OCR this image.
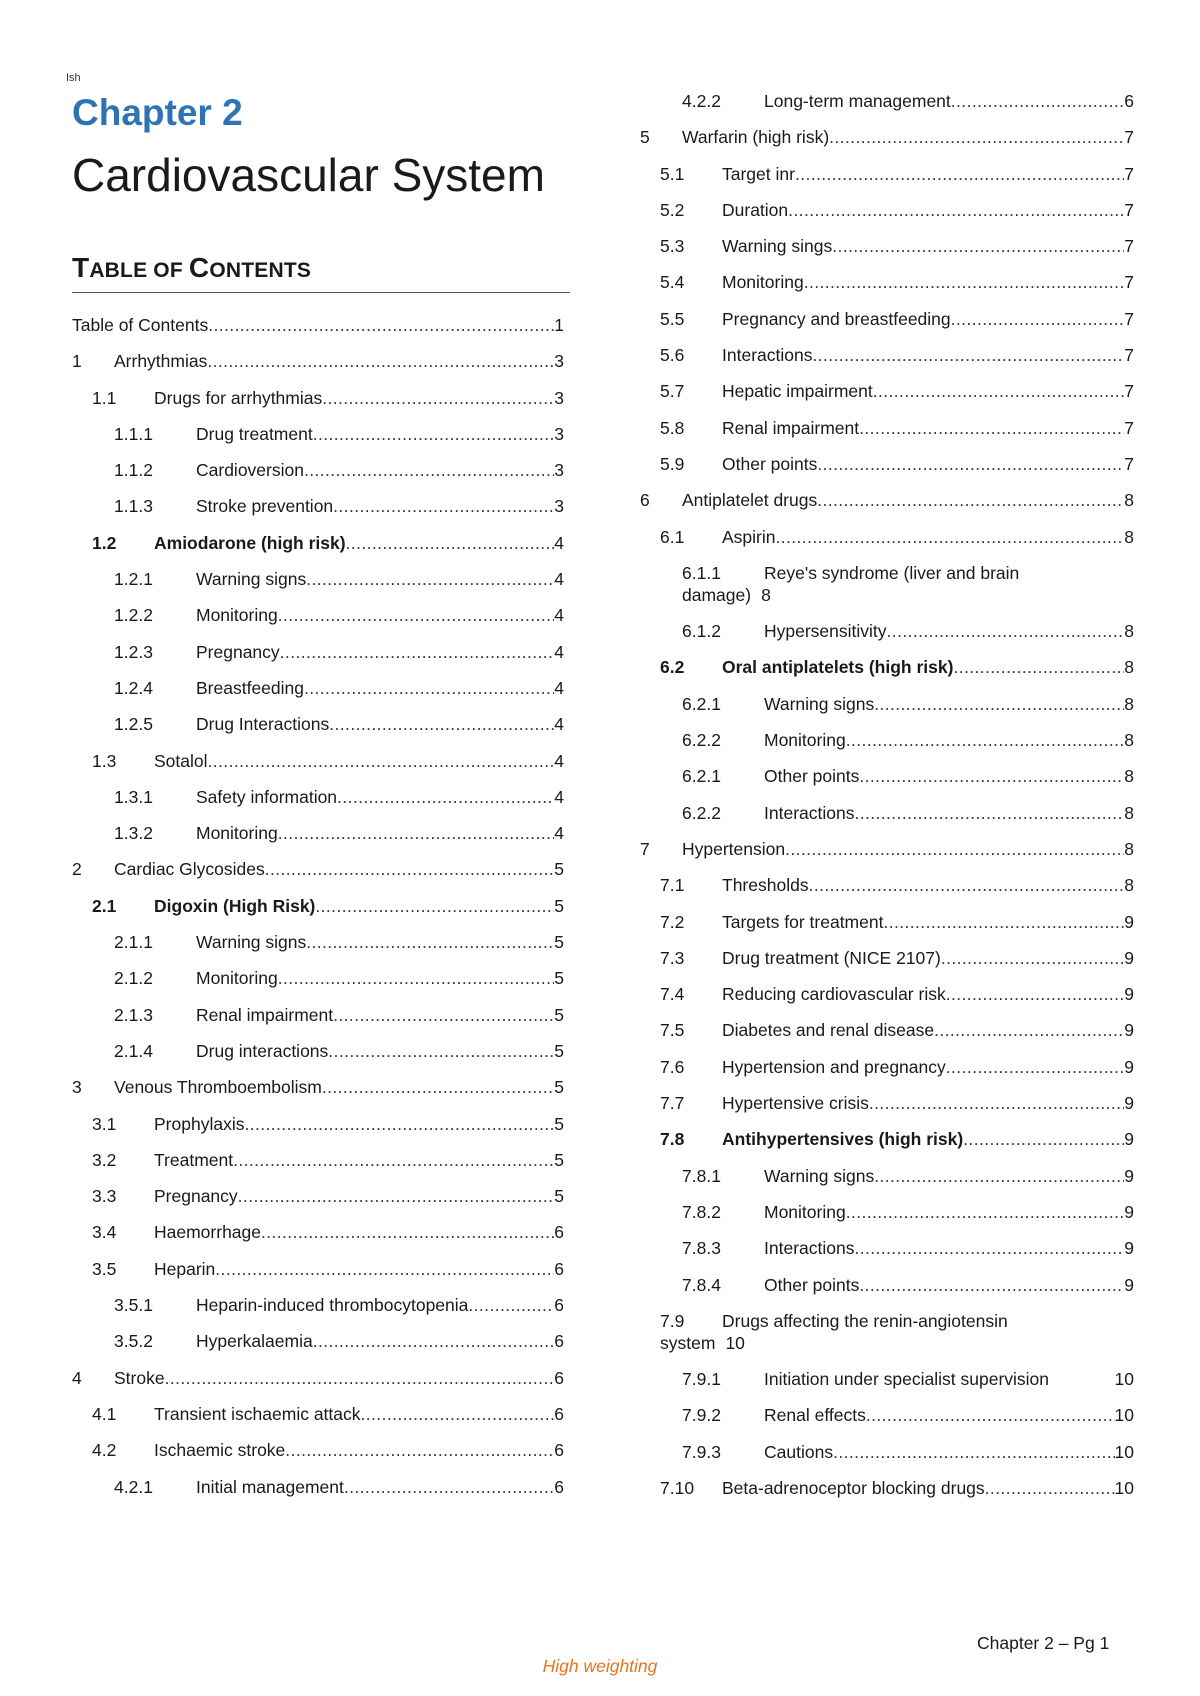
Ish
Chapter 2
Cardiovascular System
TABLE OF CONTENTS
Table of Contents .....	1
1	Arrhythmias .....	3
1.1	Drugs for arrhythmias .....	3
1.1.1	Drug treatment .....	3
1.1.2	Cardioversion .....	3
1.1.3	Stroke prevention .....	3
1.2	Amiodarone (high risk) .....	4
1.2.1	Warning signs .....	4
1.2.2	Monitoring .....	4
1.2.3	Pregnancy .....	4
1.2.4	Breastfeeding .....	4
1.2.5	Drug Interactions .....	4
1.3	Sotalol .....	4
1.3.1	Safety information .....	4
1.3.2	Monitoring .....	4
2	Cardiac Glycosides .....	5
2.1	Digoxin (High Risk) .....	5
2.1.1	Warning signs .....	5
2.1.2	Monitoring .....	5
2.1.3	Renal impairment .....	5
2.1.4	Drug interactions .....	5
3	Venous Thromboembolism .....	5
3.1	Prophylaxis .....	5
3.2	Treatment .....	5
3.3	Pregnancy .....	5
3.4	Haemorrhage .....	6
3.5	Heparin .....	6
3.5.1	Heparin-induced thrombocytopenia .....	6
3.5.2	Hyperkalaemia .....	6
4	Stroke .....	6
4.1	Transient ischaemic attack .....	6
4.2	Ischaemic stroke .....	6
4.2.1	Initial management .....	6
4.2.2	Long-term management .....	6
5	Warfarin (high risk) .....	7
5.1	Target inr .....	7
5.2	Duration .....	7
5.3	Warning sings .....	7
5.4	Monitoring .....	7
5.5	Pregnancy and breastfeeding .....	7
5.6	Interactions .....	7
5.7	Hepatic impairment .....	7
5.8	Renal impairment .....	7
5.9	Other points .....	7
6	Antiplatelet drugs .....	8
6.1	Aspirin .....	8
6.1.1	Reye's syndrome (liver and brain
damage) 8
6.1.2	Hypersensitivity .....	8
6.2	Oral antiplatelets (high risk) .....	8
6.2.1	Warning signs .....	8
6.2.2	Monitoring .....	8
6.2.1	Other points .....	8
6.2.2	Interactions .....	8
7	Hypertension .....	8
7.1	Thresholds .....	8
7.2	Targets for treatment .....	9
7.3	Drug treatment (NICE 2107) .....	9
7.4	Reducing cardiovascular risk .....	9
7.5	Diabetes and renal disease .....	9
7.6	Hypertension and pregnancy .....	9
7.7	Hypertensive crisis .....	9
7.8	Antihypertensives (high risk) .....	9
7.8.1	Warning signs .....	9
7.8.2	Monitoring .....	9
7.8.3	Interactions .....	9
7.8.4	Other points .....	9
7.9	Drugs affecting the renin-angiotensin
system 10
7.9.1	Initiation under specialist supervision	10
7.9.2	Renal effects .....	10
7.9.3	Cautions .....	10
7.10	Beta-adrenoceptor blocking drugs .....	10
Chapter 2 – Pg 1
High weighting
